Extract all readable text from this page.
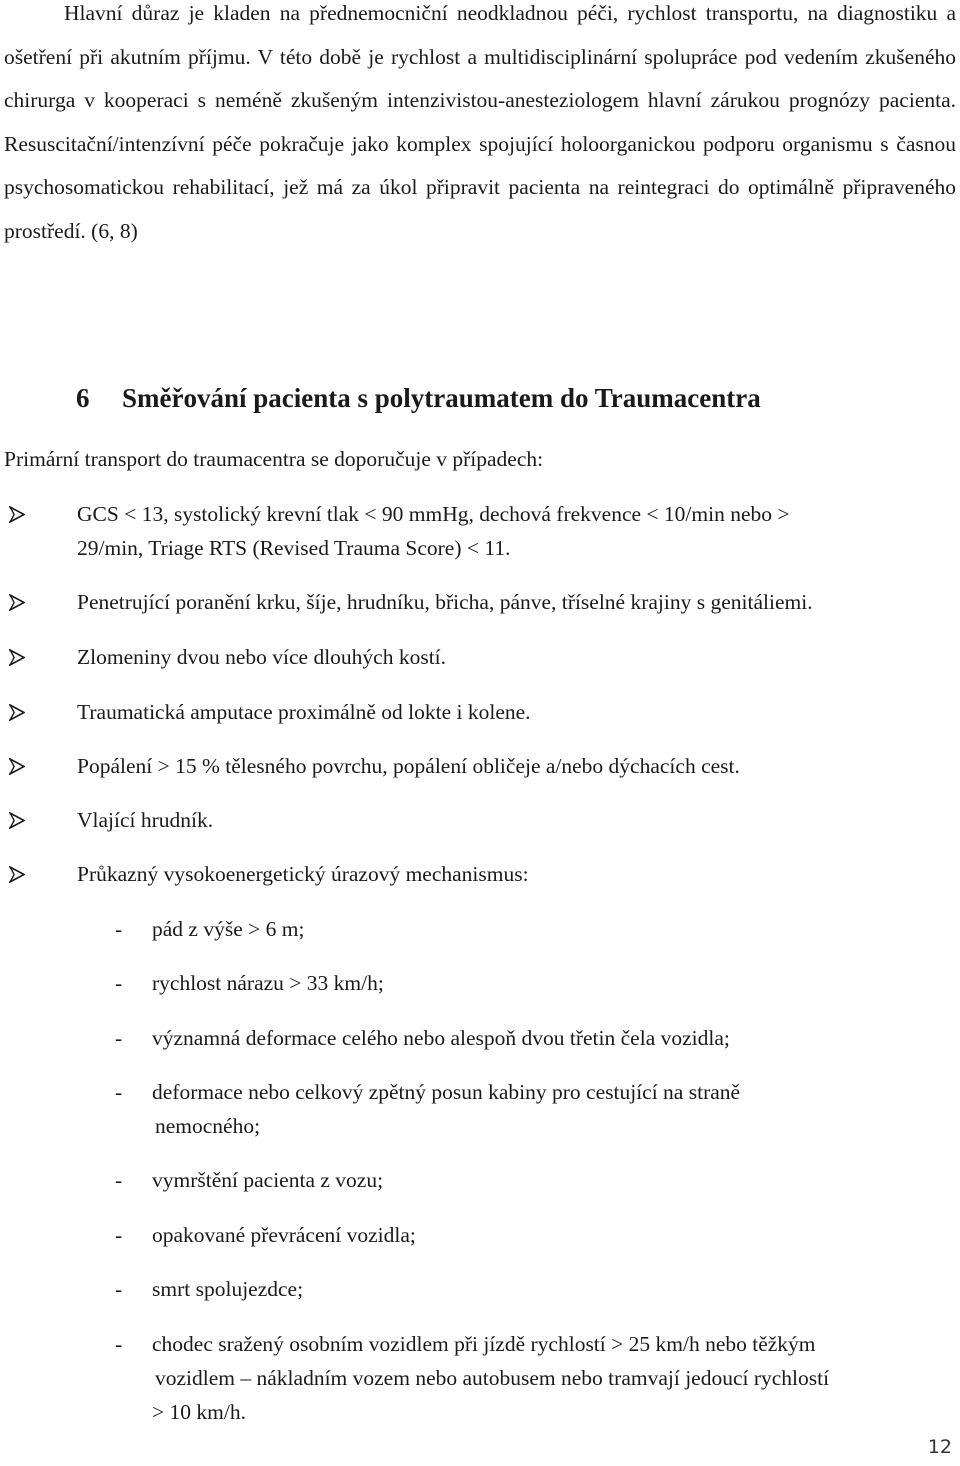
Hlavní důraz je kladen na přednemocniční neodkladnou péči, rychlost transportu, na diagnostiku a ošetření při akutním příjmu. V této době je rychlost a multidisciplinární spolupráce pod vedením zkušeného chirurga v kooperaci s neméně zkušeným intenzivistou-anesteziologem hlavní zárukou prognózy pacienta. Resuscitační/intenzívní péče pokračuje jako komplex spojující holoorganickou podporu organismu s časnou psychosomatickou rehabilitací, jež má za úkol připravit pacienta na reintegraci do optimálně připraveného prostředí. (6, 8)

6 Směřování pacienta s polytraumatem do Traumacentra

Primární transport do traumacentra se doporučuje v případech:

GCS < 13, systolický krevní tlak < 90 mmHg, dechová frekvence < 10/min nebo >
29/min, Triage RTS (Revised Trauma Score) < 11.
Penetrující poranění krku, šíje, hrudníku, břicha, pánve, tříselné krajiny s genitáliemi.
Zlomeniny dvou nebo více dlouhých kostí.
Traumatická amputace proximálně od lokte i kolene.
Popálení > 15 % tělesného povrchu, popálení obličeje a/nebo dýchacích cest.
Vlající hrudník.
Průkazný vysokoenergetický úrazový mechanismus:
- pád z výše > 6 m;
- rychlost nárazu > 33 km/h;
- významná deformace celého nebo alespoň dvou třetin čela vozidla;
- deformace nebo celkový zpětný posun kabiny pro cestující na straně
nemocného;
- vymrštění pacienta z vozu;
- opakované převrácení vozidla;
- smrt spolujezdce;
- chodec sražený osobním vozidlem při jízdě rychlostí > 25 km/h nebo těžkým
vozidlem – nákladním vozem nebo autobusem nebo tramvají jedoucí rychlostí
> 10 km/h.
12
